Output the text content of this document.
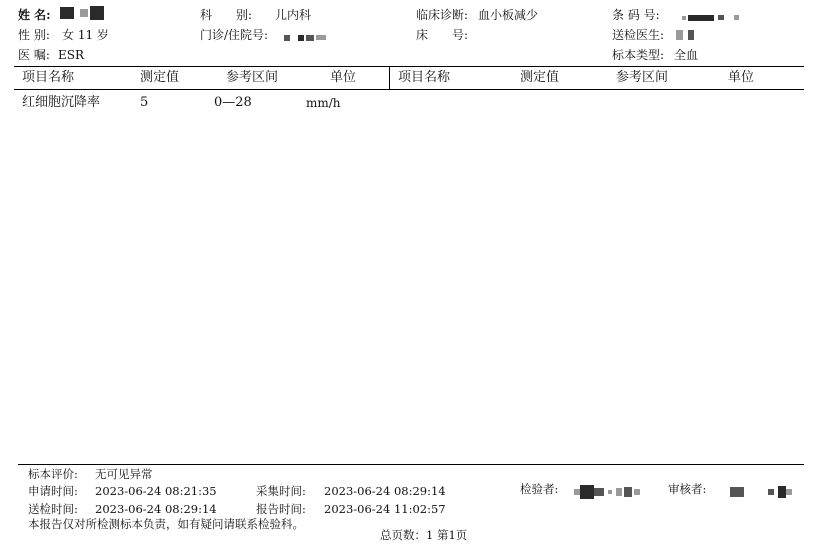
姓 名:	科　　别: 儿内科	临床诊断: 血小板减少	条 码 号:
性 别: 女 11 岁	门诊/住院号:	床　　号:	送检医生:
医 嘱: ESR	标本类型: 全血
项目名称	测定值	参考区间	单位	项目名称	测定值	参考区间	单位
红细胞沉降率	5	0—28	mm/h
标本评价: 无可见异常
申请时间: 2023-06-24 08:21:35	采集时间: 2023-06-24 08:29:14
送检时间: 2023-06-24 08:29:14	报告时间: 2023-06-24 11:02:57
检验者:	审核者:
本报告仅对所检测标本负责，如有疑问请联系检验科。
总页数：1 第1页
